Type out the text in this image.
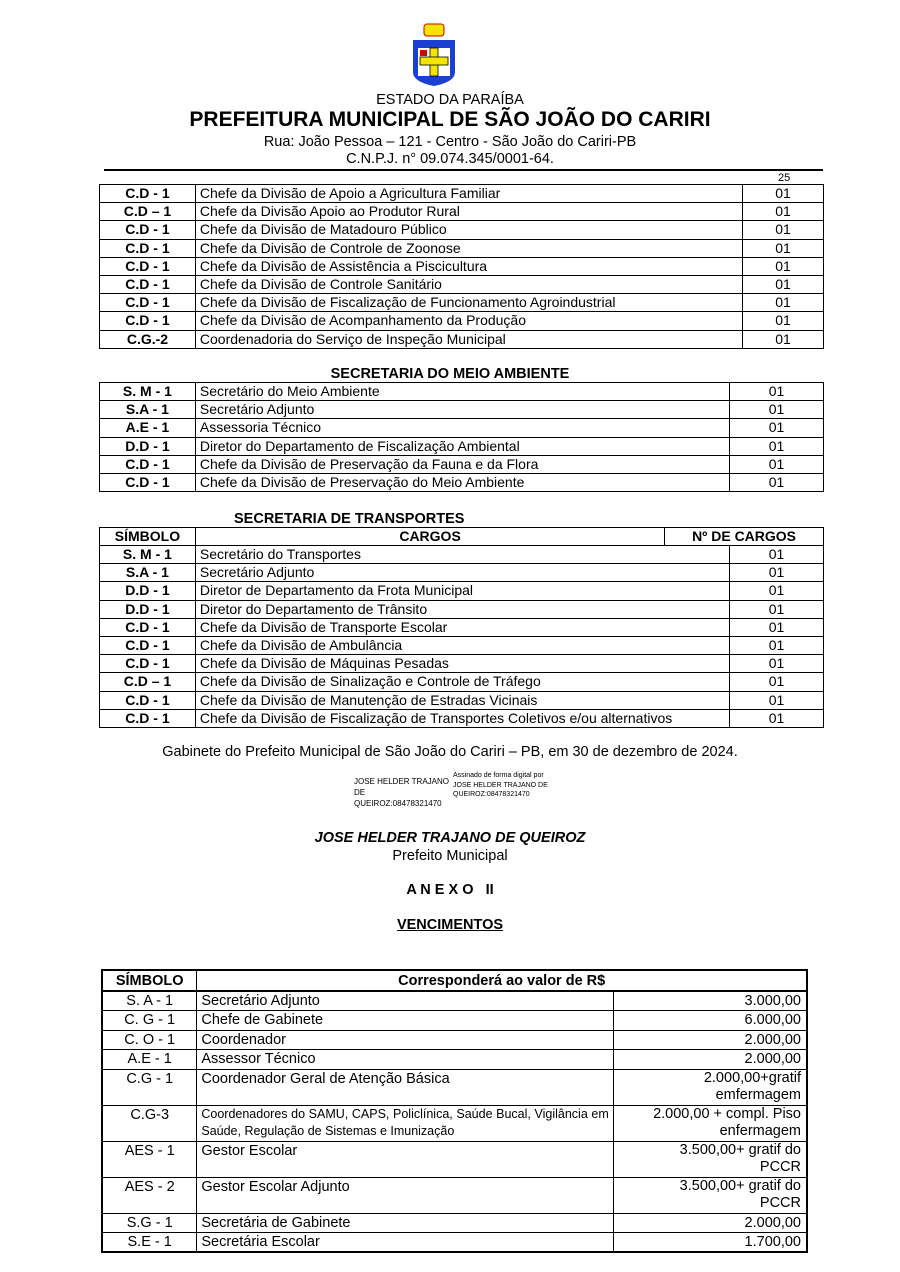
ESTADO DA PARAÍBA
PREFEITURA MUNICIPAL DE SÃO JOÃO DO CARIRI
Rua: João Pessoa – 121 - Centro - São João do Cariri-PB
C.N.P.J. n° 09.074.345/0001-64.
25
C.D - 1	Chefe da Divisão de Apoio a Agricultura Familiar	01
C.D – 1	Chefe da Divisão Apoio ao Produtor Rural	01
C.D - 1	Chefe da Divisão de Matadouro Público	01
C.D - 1	Chefe da Divisão de Controle de Zoonose	01
C.D - 1	Chefe da Divisão de Assistência a Piscicultura	01
C.D - 1	Chefe da Divisão de Controle Sanitário	01
C.D - 1	Chefe da Divisão de Fiscalização de Funcionamento Agroindustrial	01
C.D - 1	Chefe da Divisão de Acompanhamento da Produção	01
C.G.-2	Coordenadoria do Serviço de Inspeção Municipal	01
SECRETARIA DO MEIO AMBIENTE
S. M - 1	Secretário do Meio Ambiente	01
S.A - 1	Secretário Adjunto	01
A.E - 1	Assessoria Técnico	01
D.D - 1	Diretor do Departamento de Fiscalização Ambiental	01
C.D - 1	Chefe da Divisão de Preservação da Fauna e da Flora	01
C.D - 1	Chefe da Divisão de Preservação do Meio Ambiente	01
SECRETARIA DE TRANSPORTES
SÍMBOLO	CARGOS	Nº DE CARGOS
S. M - 1	Secretário do Transportes	01
S.A - 1	Secretário Adjunto	01
D.D - 1	Diretor de Departamento da Frota Municipal	01
D.D - 1	Diretor do Departamento de Trânsito	01
C.D - 1	Chefe da Divisão de Transporte Escolar	01
C.D - 1	Chefe da Divisão de Ambulância	01
C.D - 1	Chefe da Divisão de Máquinas Pesadas	01
C.D – 1	Chefe da Divisão de Sinalização e Controle de Tráfego	01
C.D - 1	Chefe da Divisão de Manutenção de Estradas Vicinais	01
C.D - 1	Chefe da Divisão de Fiscalização de Transportes Coletivos e/ou alternativos	01
Gabinete do Prefeito Municipal de São João do Cariri – PB, em 30 de dezembro de 2024.
JOSE HELDER TRAJANO DE QUEIROZ:08478321470
Assinado de forma digital por JOSE HELDER TRAJANO DE QUEIROZ:08478321470
JOSE HELDER TRAJANO DE QUEIROZ
Prefeito Municipal
A N E X O   II
VENCIMENTOS
SÍMBOLO	Corresponderá ao valor de R$	
S. A - 1	Secretário Adjunto	3.000,00
C. G - 1	Chefe de Gabinete	6.000,00
C. O - 1	Coordenador	2.000,00
A.E - 1	Assessor Técnico	2.000,00
C.G - 1	Coordenador Geral de Atenção Básica	2.000,00+gratif emfermagem
C.G-3	Coordenadores do SAMU, CAPS, Policlínica, Saúde Bucal, Vigilância em Saúde, Regulação de Sistemas e Imunização	2.000,00 + compl. Piso enfermagem
AES - 1	Gestor Escolar	3.500,00+ gratif do PCCR
AES - 2	Gestor Escolar Adjunto	3.500,00+ gratif do PCCR
S.G - 1	Secretária de Gabinete	2.000,00
S.E - 1	Secretária Escolar	1.700,00
